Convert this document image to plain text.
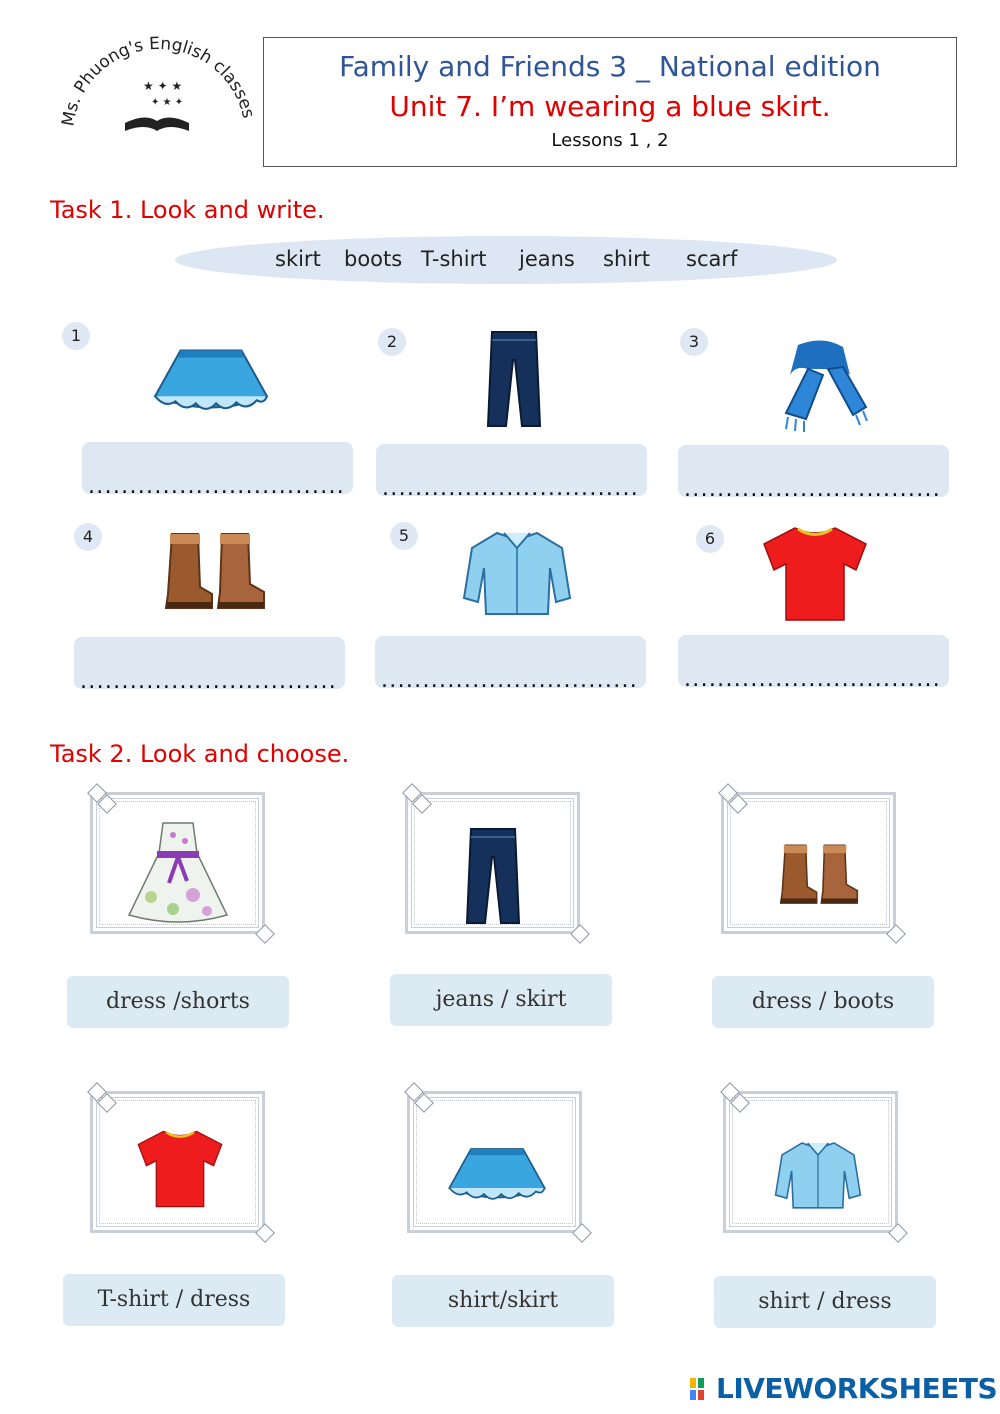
Ms. Phuong's English classes
★ ✦ ★
✦ ★ ✦
Family and Friends 3 _ National edition
Unit 7. I’m wearing a blue skirt.
Lessons 1 , 2
Task 1. Look and write.
skirt boots T-shirt jeans shirt scarf
1
...............................
2
...............................
3
...............................
4
...............................
5
...............................
6
...............................
Task 2. Look and choose.
dress /shorts	jeans / skirt	dress / boots
T-shirt / dress	shirt/skirt	shirt / dress
LIVEWORKSHEETS
